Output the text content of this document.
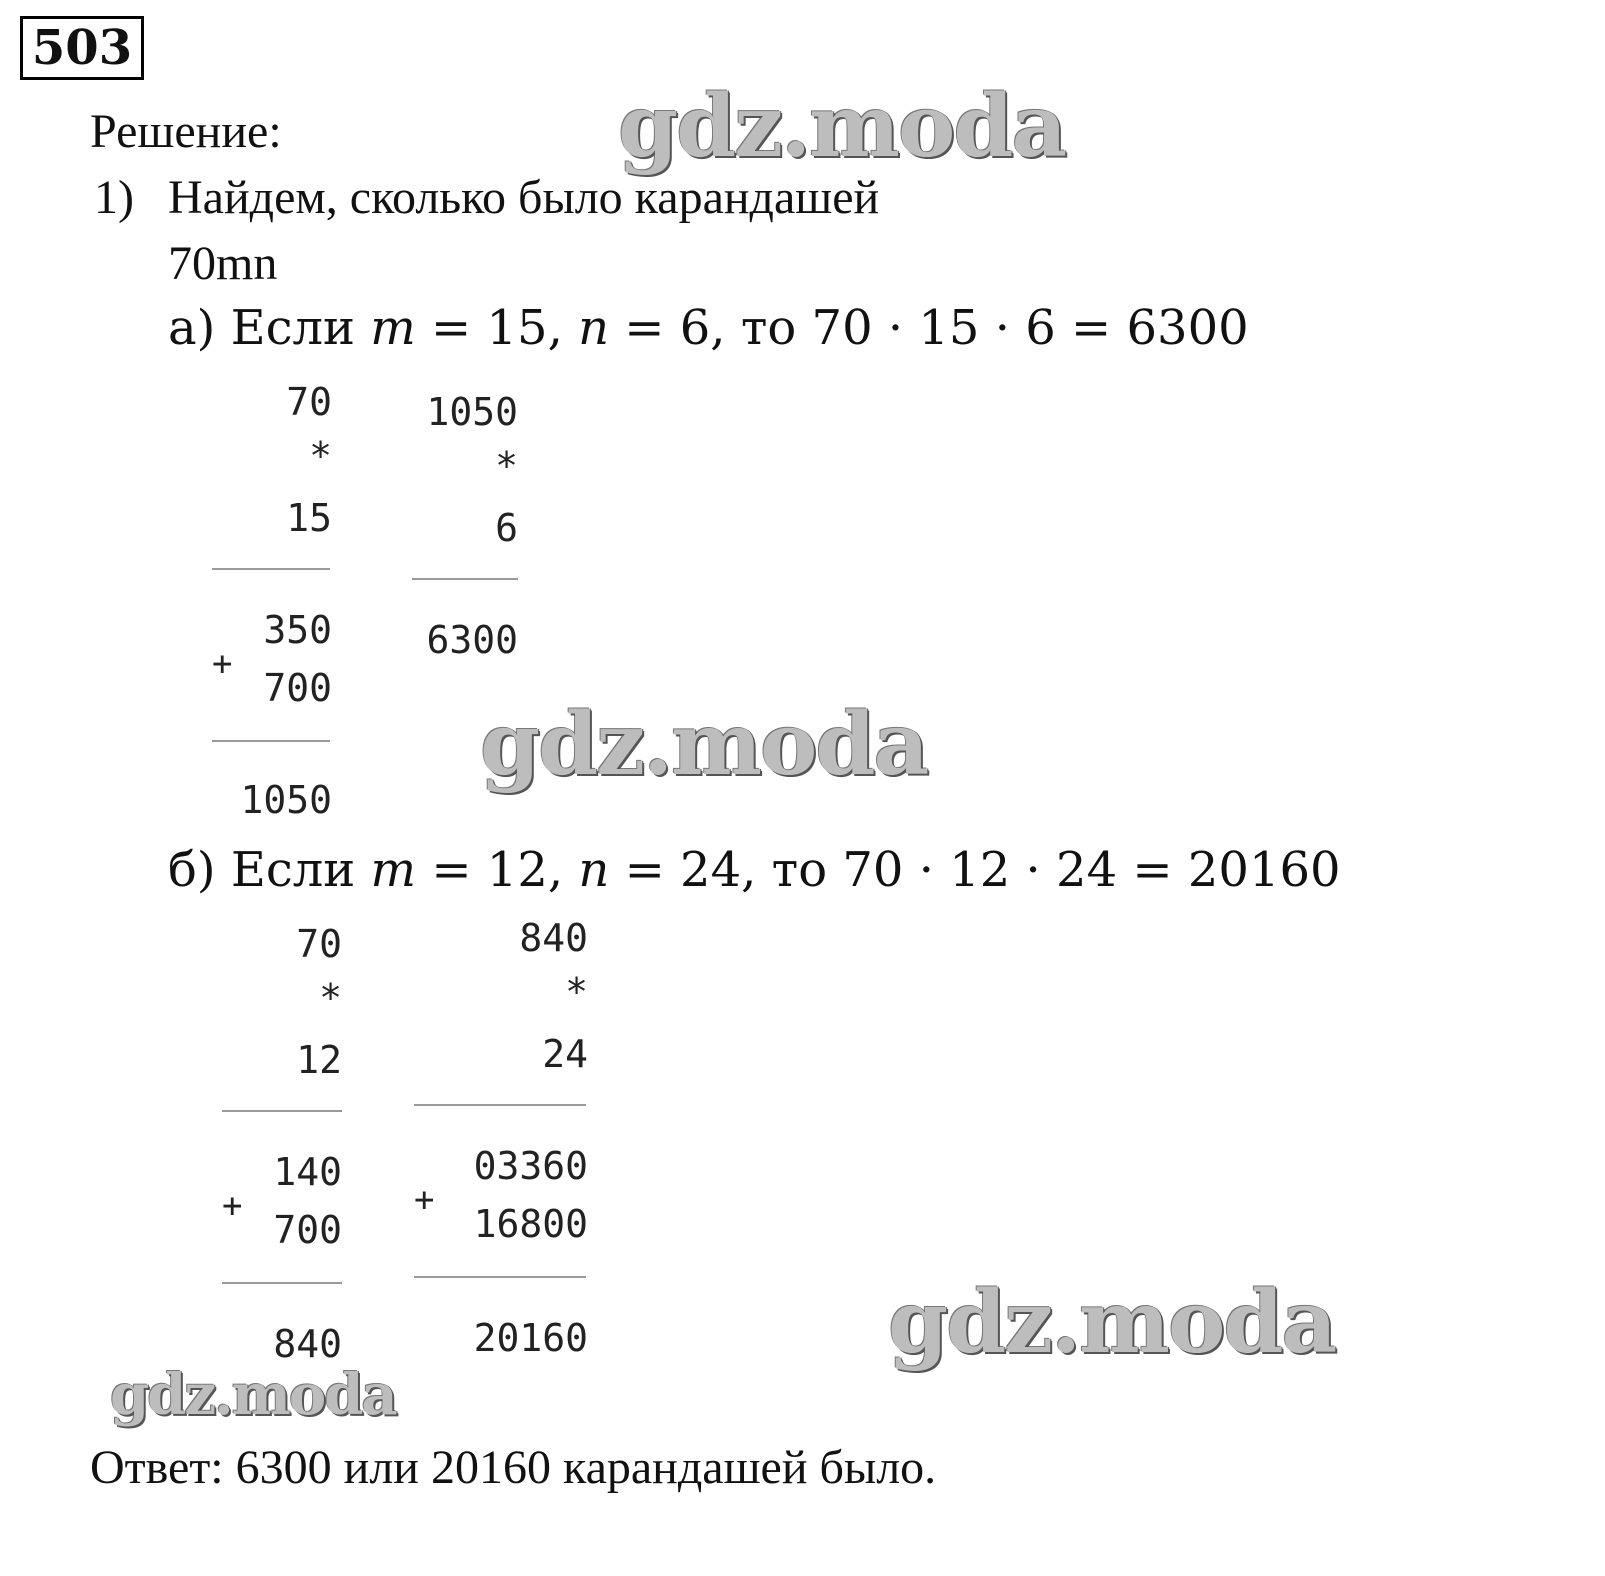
503
Решение:
1) Найдем, сколько было карандашей
70mn
а) Если m = 15, n = 6, то 70 · 15 · 6 = 6300
70
*
15
350
+
700
1050
1050
*
6
6300
б) Если m = 12, n = 24, то 70 · 12 · 24 = 20160
70
*
12
140
+
700
840
840
*
24
03360
+
16800
20160
gdz.moda
gdz.moda
gdz.moda
gdz.moda
Ответ: 6300 или 20160 карандашей было.
